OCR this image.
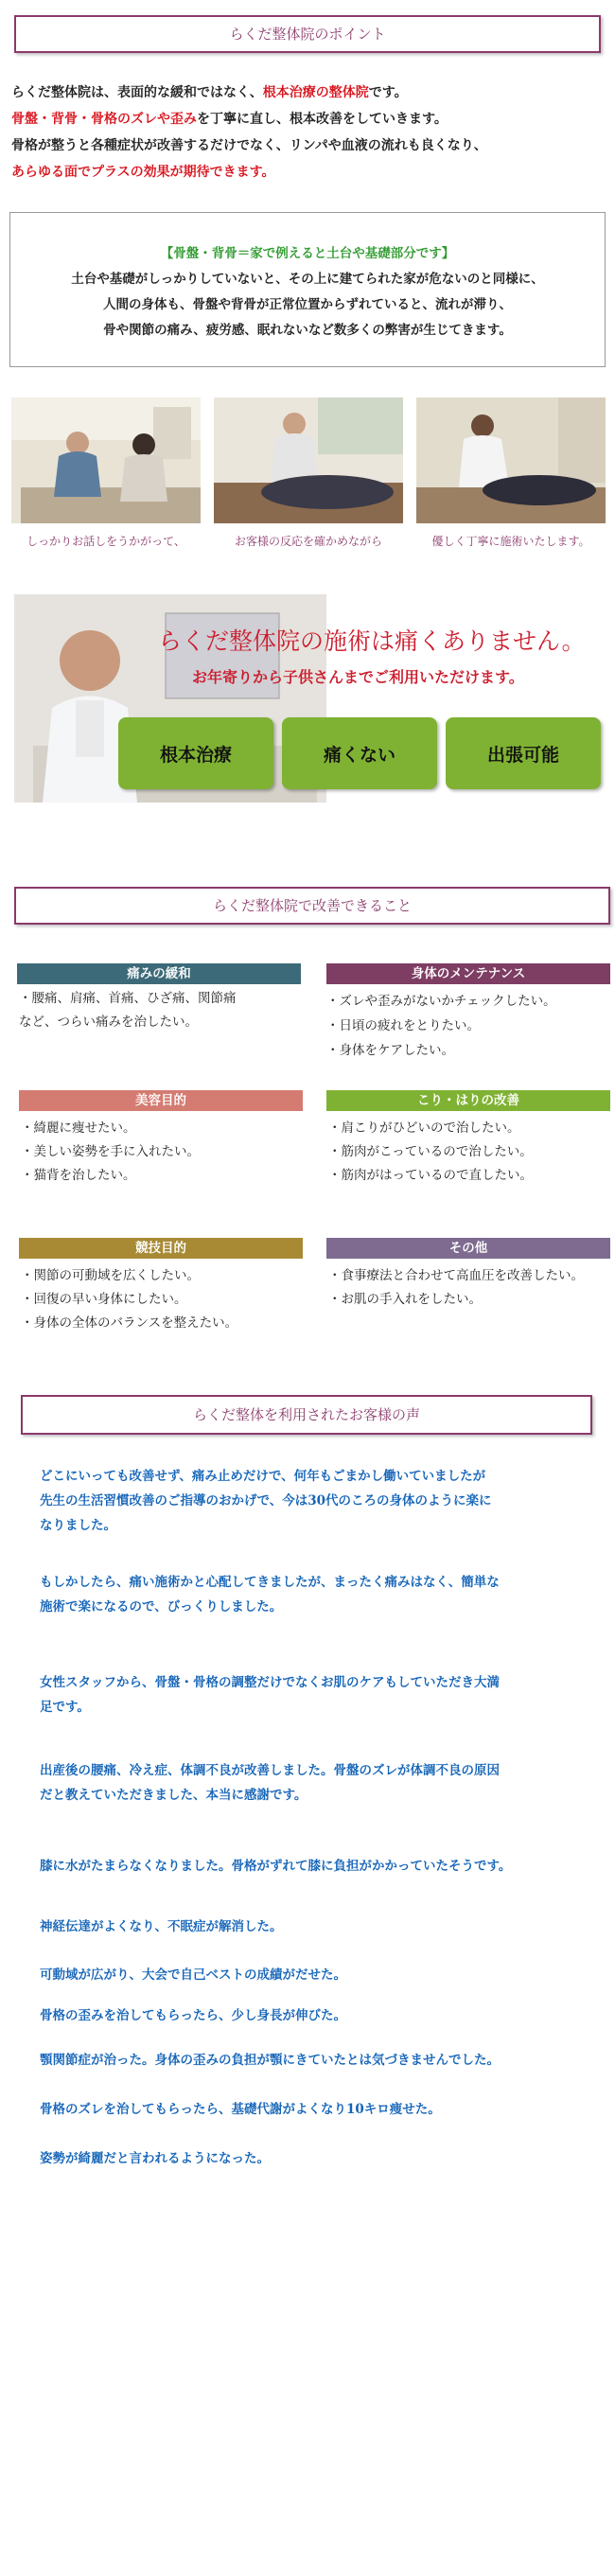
らくだ整体院のポイント

らくだ整体院は、表面的な緩和ではなく、根本治療の整体院です。

骨盤・背骨・骨格のズレや歪みを丁寧に直し、根本改善をしていきます。

骨格が整うと各種症状が改善するだけでなく、リンパや血液の流れも良くなり、

あらゆる面でプラスの効果が期待できます。

【骨盤・背骨＝家で例えると土台や基礎部分です】
土台や基礎がしっかりしていないと、その上に建てられた家が危ないのと同様に、
人間の身体も、骨盤や背骨が正常位置からずれていると、流れが滞り、
骨や関節の痛み、疲労感、眠れないなど数多くの弊害が生じてきます。
しっかりお話しをうかがって、	お客様の反応を確かめながら	優しく丁寧に施術いたします。
らくだ整体院の施術は痛くありません。
お年寄りから子供さんまでご利用いただけます。
根本治療	痛くない	出張可能
らくだ整体院で改善できること
痛みの緩和
・腰痛、肩痛、首痛、ひざ痛、関節痛
など、つらい痛みを治したい。
身体のメンテナンス
・ズレや歪みがないかチェックしたい。
・日頃の疲れをとりたい。
・身体をケアしたい。
美容目的
・綺麗に痩せたい。
・美しい姿勢を手に入れたい。
・猫背を治したい。
こり・はりの改善
・肩こりがひどいので治したい。
・筋肉がこっているので治したい。
・筋肉がはっているので直したい。
競技目的
・関節の可動域を広くしたい。
・回復の早い身体にしたい。
・身体の全体のバランスを整えたい。
その他
・食事療法と合わせて高血圧を改善したい。
・お肌の手入れをしたい。
らくだ整体を利用されたお客様の声
どこにいっても改善せず、痛み止めだけで、何年もごまかし働いていましたが
先生の生活習慣改善のご指導のおかげで、今は30代のころの身体のように楽に
なりました。
もしかしたら、痛い施術かと心配してきましたが、まったく痛みはなく、簡単な
施術で楽になるので、びっくりしました。
女性スタッフから、骨盤・骨格の調整だけでなくお肌のケアもしていただき大満
足です。
出産後の腰痛、冷え症、体調不良が改善しました。骨盤のズレが体調不良の原因
だと教えていただきました、本当に感謝です。
膝に水がたまらなくなりました。骨格がずれて膝に負担がかかっていたそうです。
神経伝達がよくなり、不眠症が解消した。
可動域が広がり、大会で自己ベストの成績がだせた。
骨格の歪みを治してもらったら、少し身長が伸びた。
顎関節症が治った。身体の歪みの負担が顎にきていたとは気づきませんでした。
骨格のズレを治してもらったら、基礎代謝がよくなり10キロ痩せた。
姿勢が綺麗だと言われるようになった。
